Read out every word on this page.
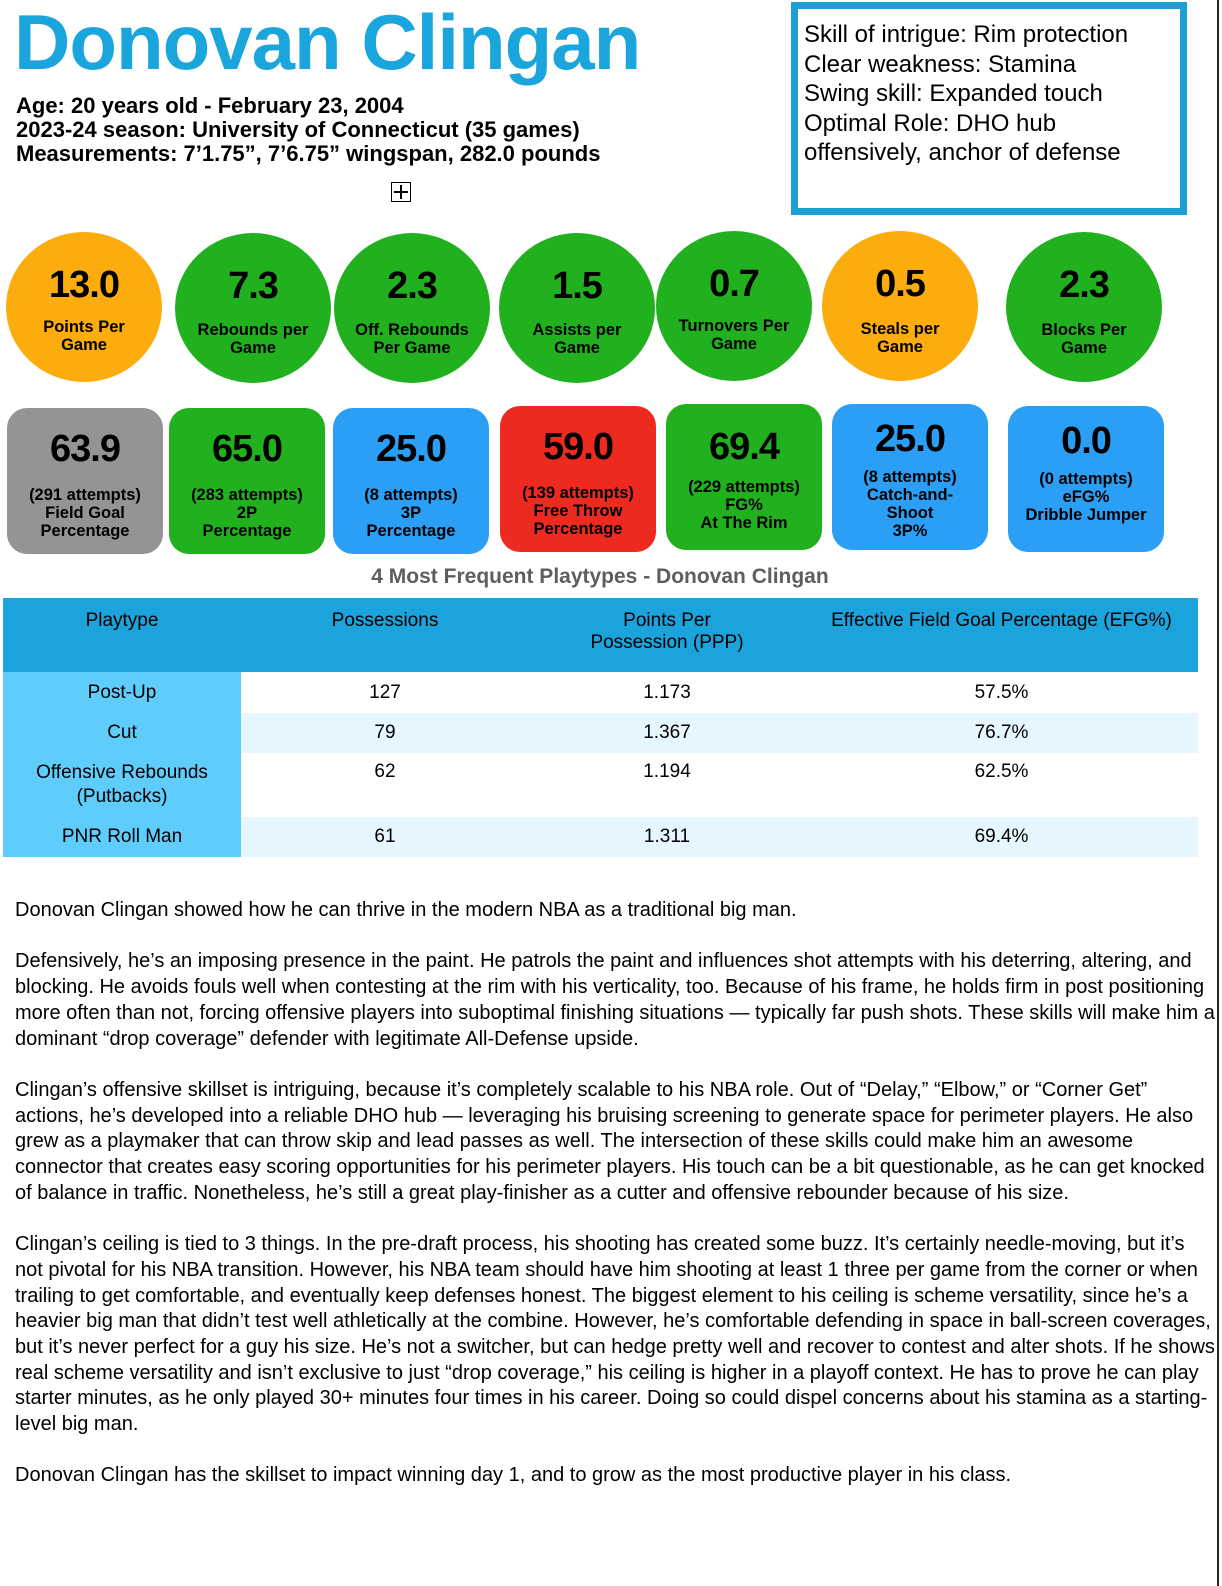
Donovan Clingan
Age: 20 years old - February 23, 2004
2023-24 season: University of Connecticut (35 games)
Measurements: 7’1.75”, 7’6.75” wingspan, 282.0 pounds
Skill of intrigue: Rim protection
Clear weakness: Stamina
Swing skill: Expanded touch
Optimal Role: DHO hub
offensively, anchor of defense
13.0
Points Per
Game
7.3
Rebounds per
Game
2.3
Off. Rebounds
Per Game
1.5
Assists per
Game
0.7
Turnovers Per
Game
0.5
Steals per
Game
2.3
Blocks Per
Game
63.9
(291 attempts)
Field Goal
Percentage
65.0
(283 attempts)
2P
Percentage
25.0
(8 attempts)
3P
Percentage
59.0
(139 attempts)
Free Throw
Percentage
69.4
(229 attempts)
FG%
At The Rim
25.0
(8 attempts)
Catch-and-
Shoot
3P%
0.0
(0 attempts)
eFG%
Dribble Jumper
4 Most Frequent Playtypes - Donovan Clingan
Playtype	Possessions	Points Per Possession (PPP)	Effective Field Goal Percentage (EFG%)
Post-Up	127	1.173	57.5%
Cut	79	1.367	76.7%
Offensive Rebounds (Putbacks)	62	1.194	62.5%
PNR Roll Man	61	1.311	69.4%

Donovan Clingan showed how he can thrive in the modern NBA as a traditional big man.

Defensively, he’s an imposing presence in the paint. He patrols the paint and influences shot attempts with his deterring, altering, and blocking. He avoids fouls well when contesting at the rim with his verticality, too. Because of his frame, he holds firm in post positioning more often than not, forcing offensive players into suboptimal finishing situations — typically far push shots. These skills will make him a dominant “drop coverage” defender with legitimate All-Defense upside.

Clingan’s offensive skillset is intriguing, because it’s completely scalable to his NBA role. Out of “Delay,” “Elbow,” or “Corner Get” actions, he’s developed into a reliable DHO hub — leveraging his bruising screening to generate space for perimeter players. He also grew as a playmaker that can throw skip and lead passes as well. The intersection of these skills could make him an awesome connector that creates easy scoring opportunities for his perimeter players. His touch can be a bit questionable, as he can get knocked of balance in traffic. Nonetheless, he’s still a great play-finisher as a cutter and offensive rebounder because of his size.

Clingan’s ceiling is tied to 3 things. In the pre-draft process, his shooting has created some buzz. It’s certainly needle-moving, but it’s not pivotal for his NBA transition. However, his NBA team should have him shooting at least 1 three per game from the corner or when trailing to get comfortable, and eventually keep defenses honest. The biggest element to his ceiling is scheme versatility, since he’s a heavier big man that didn’t test well athletically at the combine. However, he’s comfortable defending in space in ball-screen coverages, but it’s never perfect for a guy his size. He’s not a switcher, but can hedge pretty well and recover to contest and alter shots. If he shows real scheme versatility and isn’t exclusive to just “drop coverage,” his ceiling is higher in a playoff context. He has to prove he can play starter minutes, as he only played 30+ minutes four times in his career. Doing so could dispel concerns about his stamina as a starting-level big man.

Donovan Clingan has the skillset to impact winning day 1, and to grow as the most productive player in his class.
